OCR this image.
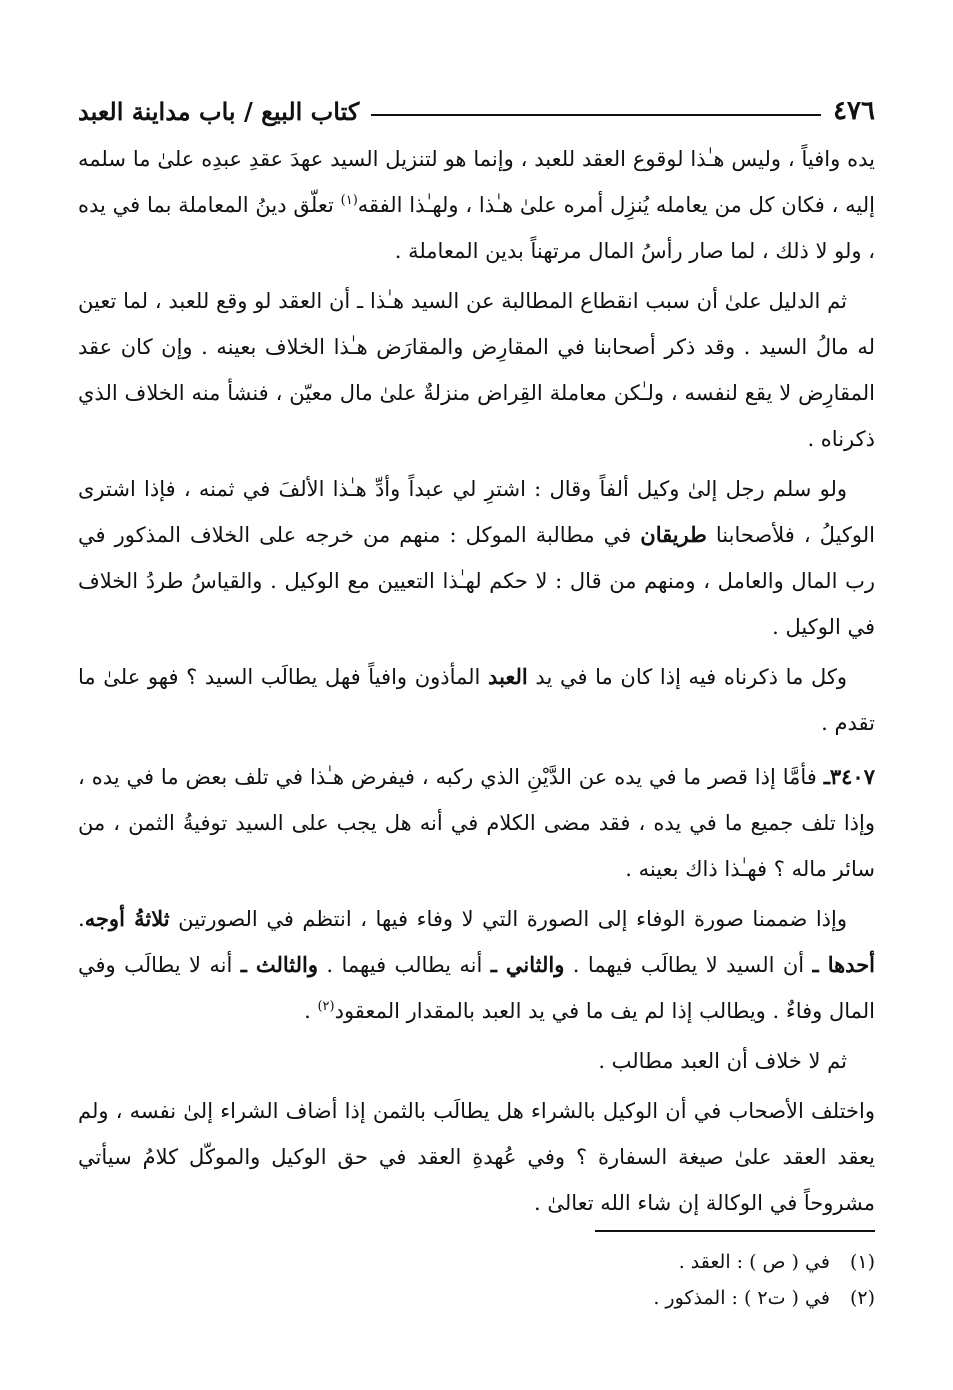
٤٧٦
كتاب البيع / باب مداينة العبد

يده وافياً ، وليس هـٰذا لوقوع العقد للعبد ، وإنما هو لتنزيل السيد عهدَ عقدِ عبدِه علىٰ ما سلمه إليه ، فكان كل من يعامله يُنزِل أمره علىٰ هـٰذا ، ولهـٰذا الفقه$^{(١)}$ تعلّق دينُ المعاملة بما في يده ، ولو لا ذلك ، لما صار رأسُ المال مرتهناً بدين المعاملة .

ثم الدليل علىٰ أن سبب انقطاع المطالبة عن السيد هـٰذا ـ أن العقد لو وقع للعبد ، لما تعين له مالُ السيد . وقد ذكر أصحابنا في المقارِض والمقارَض هـٰذا الخلاف بعينه . وإن كان عقد المقارِض لا يقع لنفسه ، ولـٰكن معاملة القِراض منزلةٌ علىٰ مال معيّن ، فنشأ منه الخلاف الذي ذكرناه .

ولو سلم رجل إلىٰ وكيل ألفاً وقال : اشترِ لي عبداً وأدِّ هـٰذا الألفَ في ثمنه ، فإذا اشترى الوكيلُ ، فلأصحابنا طريقان في مطالبة الموكل : منهم من خرجه على الخلاف المذكور في رب المال والعامل ، ومنهم من قال : لا حكم لهـٰذا التعيين مع الوكيل . والقياسُ طردُ الخلاف في الوكيل .

وكل ما ذكرناه فيه إذا كان ما في يد العبد المأذون وافياً فهل يطالَب السيد ؟ فهو علىٰ ما تقدم .

٣٤٠٧ـ فأمَّا إذا قصر ما في يده عن الدَّيْنِ الذي ركبه ، فيفرض هـٰذا في تلف بعض ما في يده ، وإذا تلف جميع ما في يده ، فقد مضى الكلام في أنه هل يجب على السيد توفيةُ الثمن ، من سائر ماله ؟ فهـٰذا ذاك بعينه .

وإذا ضممنا صورة الوفاء إلى الصورة التي لا وفاء فيها ، انتظم في الصورتين ثلاثةُ أوجه. أحدها ـ أن السيد لا يطالَب فيهما . والثاني ـ أنه يطالب فيهما . والثالث ـ أنه لا يطالَب وفي المال وفاءٌ . ويطالب إذا لم يف ما في يد العبد بالمقدار المعقود$^{(٢)}$ .

ثم لا خلاف أن العبد مطالب .

واختلف الأصحاب في أن الوكيل بالشراء هل يطالَب بالثمن إذا أضاف الشراء إلىٰ نفسه ، ولم يعقد العقد علىٰ صيغة السفارة ؟ وفي عُهدةِ العقد في حق الوكيل والموكّل كلامُ سيأتي مشروحاً في الوكالة إن شاء الله تعالىٰ .

(١)
في ( ص ) : العقد .
(٢)
في ( ت٢ ) : المذكور .
